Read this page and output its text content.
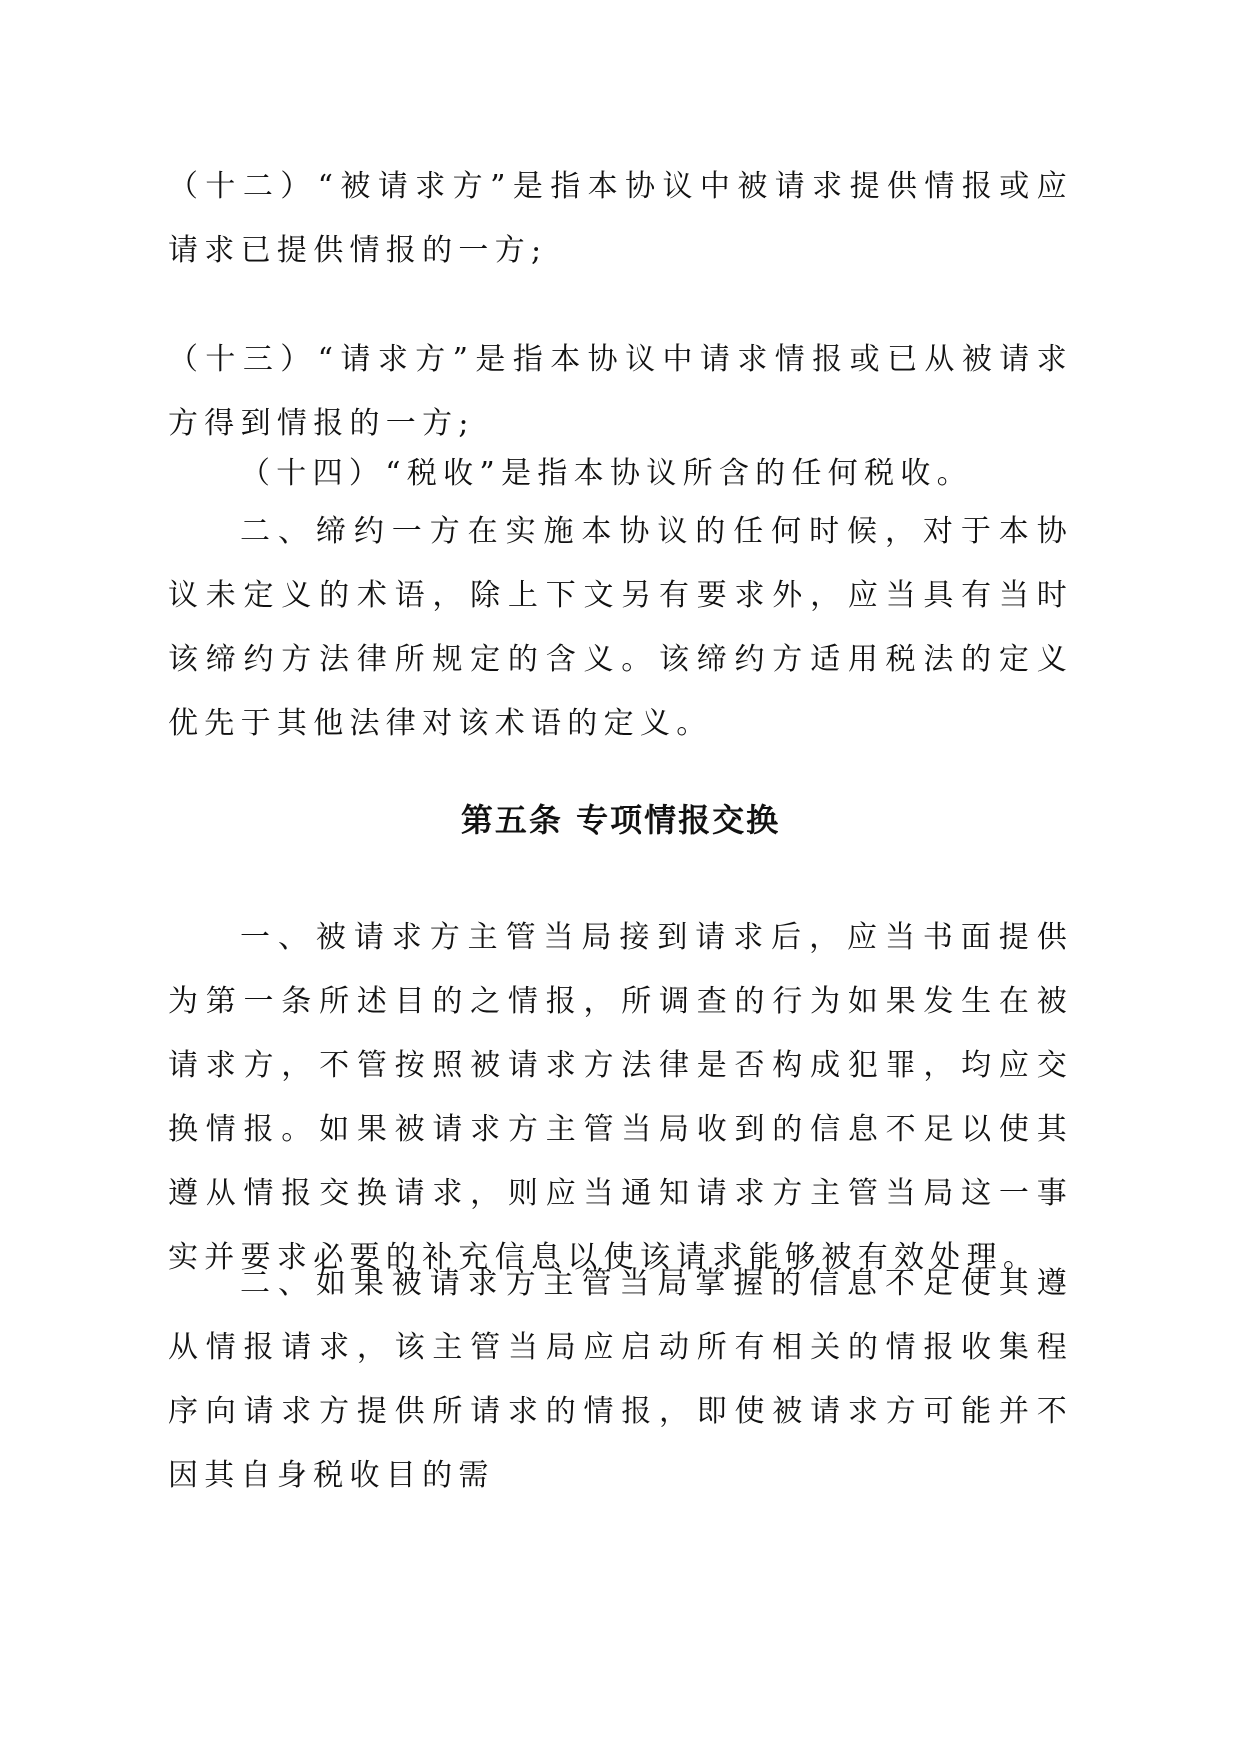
（十二）“被请求方”是指本协议中被请求提供情报或应请求已提供情报的一方;

（十三）“请求方”是指本协议中请求情报或已从被请求方得到情报的一方;

（十四）“税收”是指本协议所含的任何税收。

二、缔约一方在实施本协议的任何时候，对于本协议未定义的术语，除上下文另有要求外，应当具有当时该缔约方法律所规定的含义。该缔约方适用税法的定义优先于其他法律对该术语的定义。

第五条 专项情报交换

一、被请求方主管当局接到请求后，应当书面提供为第一条所述目的之情报，所调查的行为如果发生在被请求方，不管按照被请求方法律是否构成犯罪，均应交换情报。如果被请求方主管当局收到的信息不足以使其遵从情报交换请求，则应当通知请求方主管当局这一事实并要求必要的补充信息以使该请求能够被有效处理。

二、如果被请求方主管当局掌握的信息不足使其遵从情报请求，该主管当局应启动所有相关的情报收集程序向请求方提供所请求的情报，即使被请求方可能并不因其自身税收目的需
